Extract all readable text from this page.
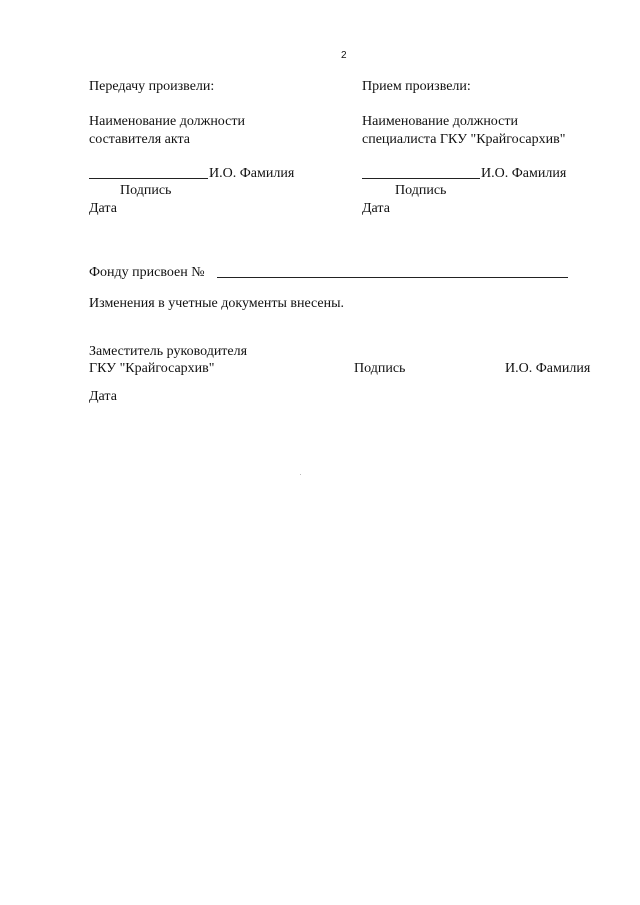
2
Передачу произвели:
Наименование должности
составителя акта
И.О. Фамилия
Подпись
Дата
Прием произвели:
Наименование должности
специалиста ГКУ "Крайгосархив"
И.О. Фамилия
Подпись
Дата
Фонду присвоен №
Изменения в учетные документы внесены.
Заместитель руководителя
ГКУ "Крайгосархив"	Подпись	И.О. Фамилия
Дата
